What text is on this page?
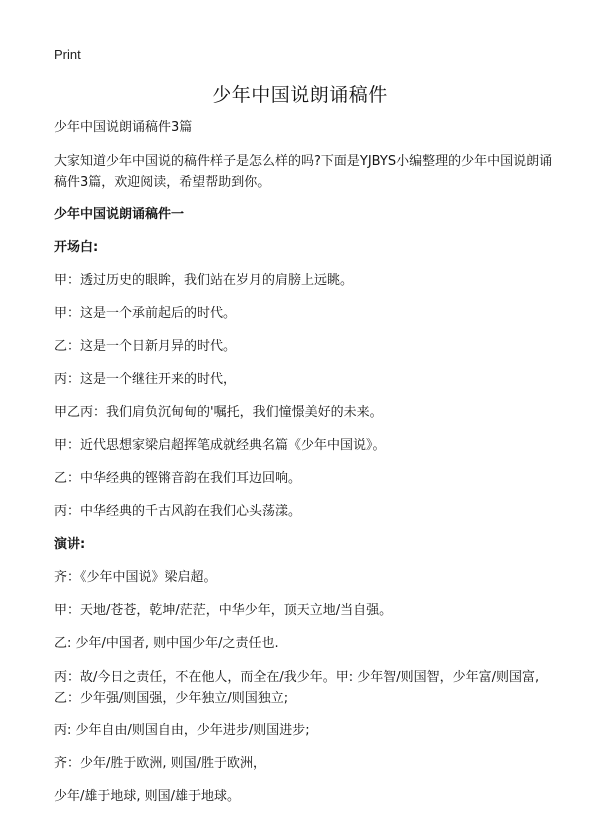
Print
少年中国说朗诵稿件

少年中国说朗诵稿件3篇

大家知道少年中国说的稿件样子是怎么样的吗?下面是YJBYS小编整理的少年中国说朗诵稿件3篇，欢迎阅读，希望帮助到你。

少年中国说朗诵稿件一

开场白:

甲：透过历史的眼眸，我们站在岁月的肩膀上远眺。

甲：这是一个承前起后的时代。

乙：这是一个日新月异的时代。

丙：这是一个继往开来的时代，

甲乙丙：我们肩负沉甸甸的'嘱托，我们憧憬美好的未来。

甲：近代思想家梁启超挥笔成就经典名篇《少年中国说》。

乙：中华经典的铿锵音韵在我们耳边回响。

丙：中华经典的千古风韵在我们心头荡漾。

演讲:

齐：《少年中国说》梁启超。

甲：天地/苍苍，乾坤/茫茫，中华少年，顶天立地/当自强。

乙: 少年/中国者, 则中国少年/之责任也.

丙：故/今日之责任，不在他人，而全在/我少年。甲: 少年智/则国智，少年富/则国富,乙：少年强/则国强，少年独立/则国独立;

丙: 少年自由/则国自由，少年进步/则国进步;

齐：少年/胜于欧洲, 则国/胜于欧洲，

少年/雄于地球, 则国/雄于地球。
